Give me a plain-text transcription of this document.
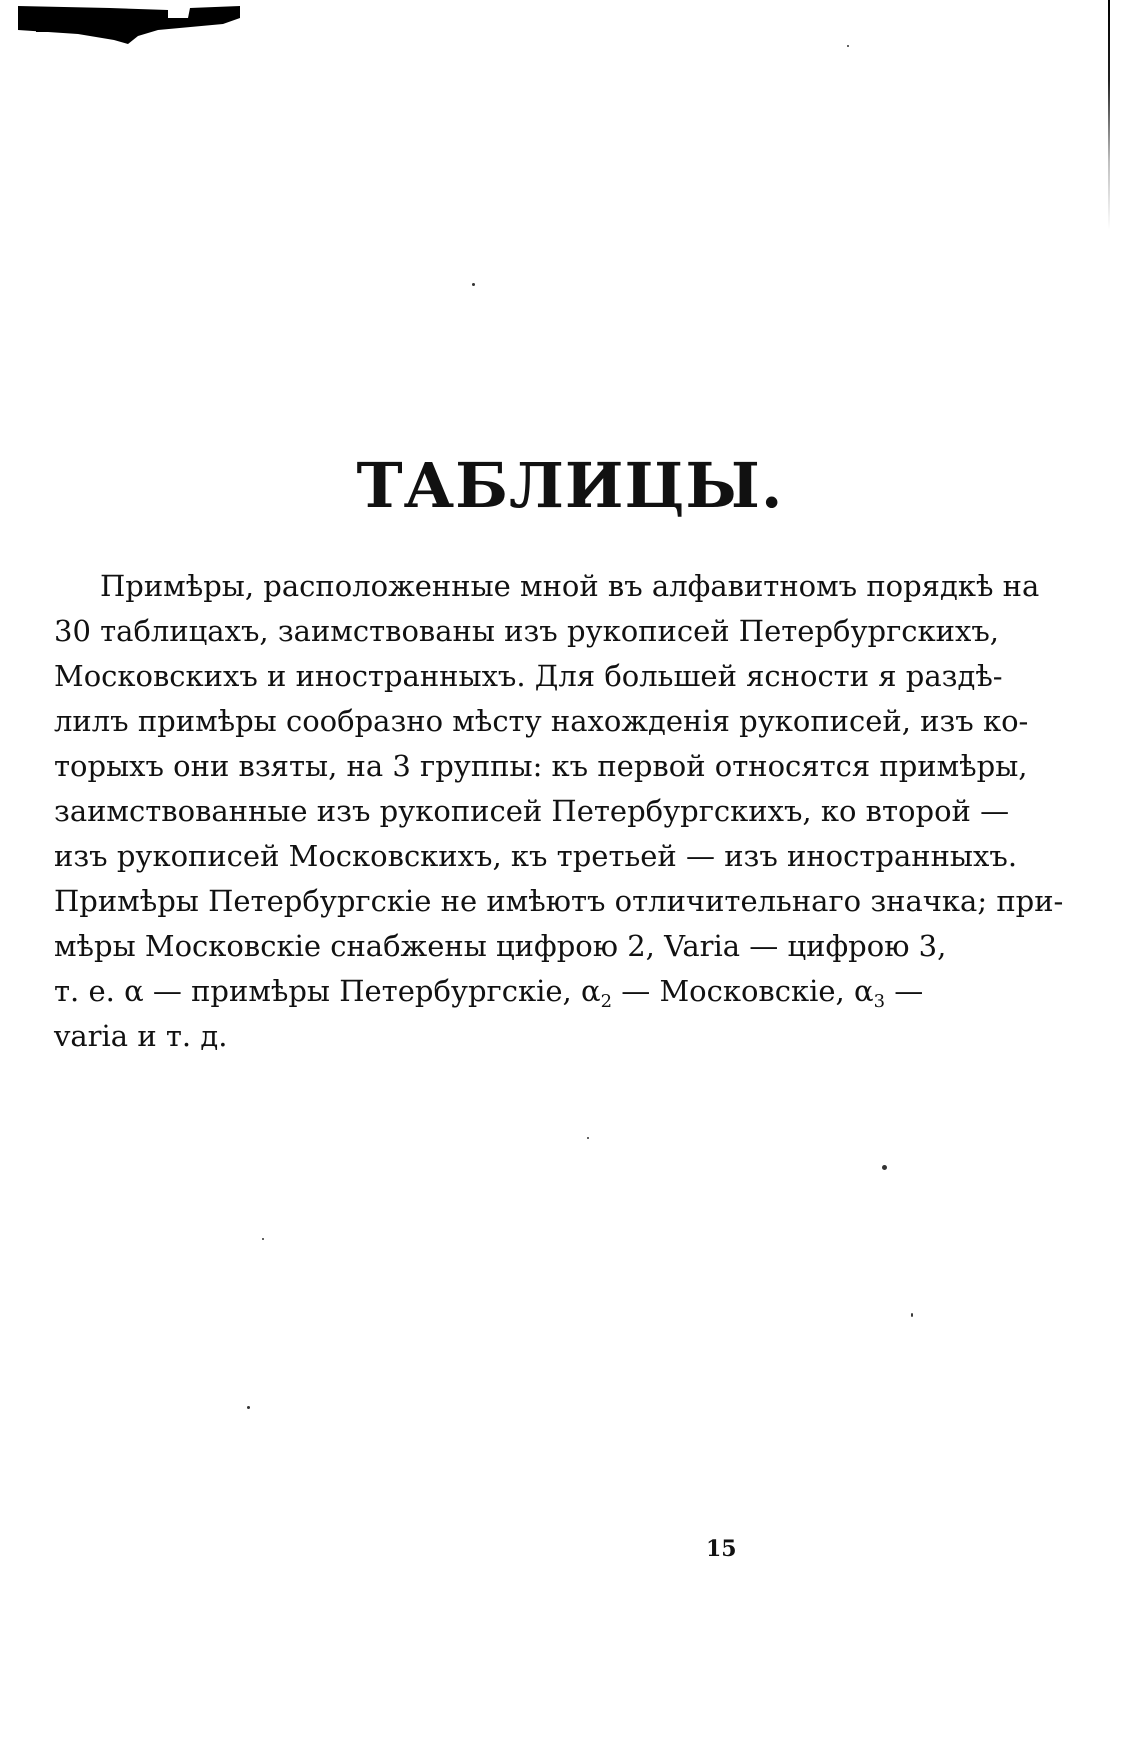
ТАБЛИЦЫ.
Примѣры, расположенные мной въ алфавитномъ порядкѣ на
30 таблицахъ, заимствованы изъ рукописей Петербургскихъ,
Московскихъ и иностранныхъ. Для большей ясности я раздѣ-
лилъ примѣры сообразно мѣсту нахожденія рукописей, изъ ко-
торыхъ они взяты, на 3 группы: къ первой относятся примѣры,
заимствованные изъ рукописей Петербургскихъ, ко второй —
изъ рукописей Московскихъ, къ третьей — изъ иностранныхъ.
Примѣры Петербургскіе не имѣютъ отличительнаго значка; при-
мѣры Московскіе снабжены цифрою 2, Varia — цифрою 3,
т. е. α — примѣры Петербургскіе, $\alpha_2$ — Московскіе, $\alpha_3$ —
varia и т. д.
15
